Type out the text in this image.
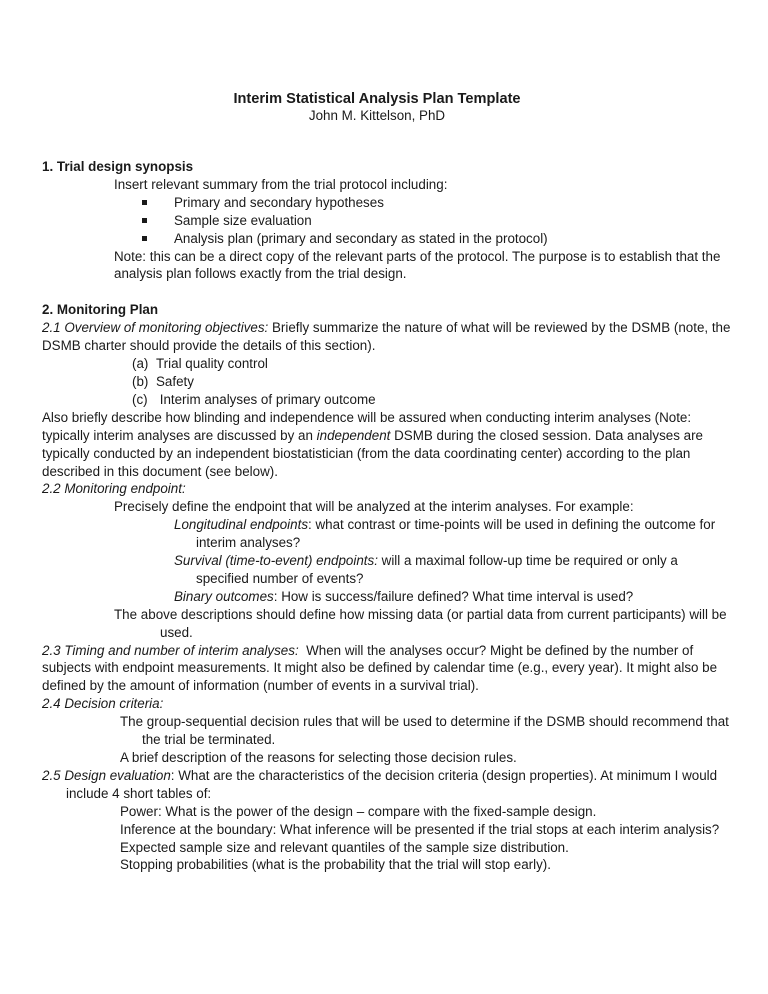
Interim Statistical Analysis Plan Template

John M. Kittelson, PhD

1. Trial design synopsis

Insert relevant summary from the trial protocol including:

Primary and secondary hypotheses
Sample size evaluation
Analysis plan (primary and secondary as stated in the protocol)

Note: this can be a direct copy of the relevant parts of the protocol. The purpose is to establish that the analysis plan follows exactly from the trial design.

2. Monitoring Plan

2.1 Overview of monitoring objectives: Briefly summarize the nature of what will be reviewed by the DSMB (note, the DSMB charter should provide the details of this section).

(a) Trial quality control
(b) Safety
(c) Interim analyses of primary outcome

Also briefly describe how blinding and independence will be assured when conducting interim analyses (Note: typically interim analyses are discussed by an independent DSMB during the closed session. Data analyses are typically conducted by an independent biostatistician (from the data coordinating center) according to the plan described in this document (see below).

2.2 Monitoring endpoint:

Precisely define the endpoint that will be analyzed at the interim analyses. For example:

Longitudinal endpoints: what contrast or time-points will be used in defining the outcome for interim analyses?

Survival (time-to-event) endpoints: will a maximal follow-up time be required or only a specified number of events?

Binary outcomes: How is success/failure defined? What time interval is used?

The above descriptions should define how missing data (or partial data from current participants) will be used.

2.3 Timing and number of interim analyses:  When will the analyses occur? Might be defined by the number of subjects with endpoint measurements. It might also be defined by calendar time (e.g., every year). It might also be defined by the amount of information (number of events in a survival trial).

2.4 Decision criteria:

The group-sequential decision rules that will be used to determine if the DSMB should recommend that the trial be terminated.

A brief description of the reasons for selecting those decision rules.

2.5 Design evaluation: What are the characteristics of the decision criteria (design properties). At minimum I would include 4 short tables of:

Power: What is the power of the design – compare with the fixed-sample design.

Inference at the boundary: What inference will be presented if the trial stops at each interim analysis?

Expected sample size and relevant quantiles of the sample size distribution.

Stopping probabilities (what is the probability that the trial will stop early).
